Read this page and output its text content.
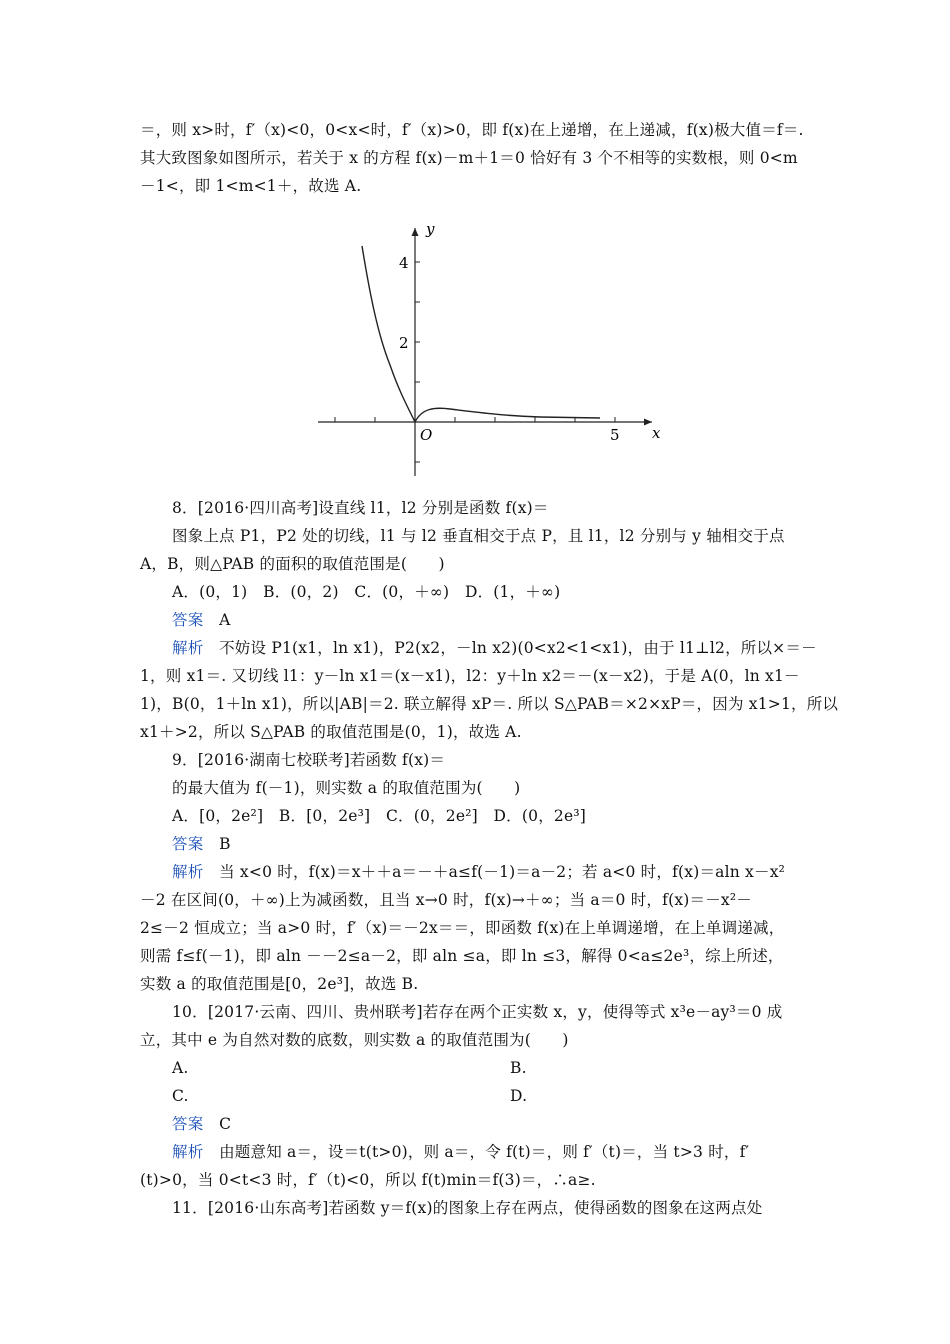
＝，则 x>时，f′（x)<0，0<x<时，f′（x)>0，即 f(x)在上递增，在上递减，f(x)极大值＝f＝.
其大致图象如图所示，若关于 x 的方程 f(x)－m＋1＝0 恰好有 3 个不相等的实数根，则 0<m
－1<，即 1<m<1＋，故选 A.
y
x
O
4
2
5
8．[2016·四川高考]设直线 l1，l2 分别是函数 f(x)＝
图象上点 P1，P2 处的切线，l1 与 l2 垂直相交于点 P，且 l1，l2 分别与 y 轴相交于点
A，B，则△PAB 的面积的取值范围是(　　)
A．(0，1)　B．(0，2)　C．(0，＋∞)　D．(1，＋∞)
答案　 A
解析　 不妨设 P1(x1，ln x1)，P2(x2，－ln x2)(0<x2<1<x1)，由于 l1⊥l2，所以×＝－
1，则 x1＝. 又切线 l1：y－ln x1＝(x－x1)，l2：y＋ln x2＝－(x－x2)，于是 A(0，ln x1－
1)，B(0，1＋ln x1)，所以|AB|＝2. 联立解得 xP＝. 所以 S△PAB＝×2×xP＝，因为 x1>1，所以
x1＋>2，所以 S△PAB 的取值范围是(0，1)，故选 A.
9．[2016·湖南七校联考]若函数 f(x)＝
的最大值为 f(－1)，则实数 a 的取值范围为(　　)
A．[0，2e²]　B．[0，2e³]　C．(0，2e²]　D．(0，2e³]
答案　 B
解析　 当 x<0 时，f(x)＝x＋＋a＝－＋a≤f(－1)＝a－2；若 a<0 时，f(x)＝aln x－x²
－2 在区间(0，＋∞)上为减函数，且当 x→0 时，f(x)→＋∞；当 a＝0 时，f(x)＝－x²－
2≤－2 恒成立；当 a>0 时，f′（x)＝－2x＝＝，即函数 f(x)在上单调递增，在上单调递减，
则需 f≤f(－1)，即 aln －－2≤a－2，即 aln ≤a，即 ln ≤3，解得 0<a≤2e³，综上所述，
实数 a 的取值范围是[0，2e³]，故选 B.
10．[2017·云南、四川、贵州联考]若存在两个正实数 x，y，使得等式 x³e－ay³＝0 成
立，其中 e 为自然对数的底数，则实数 a 的取值范围为(　　)
A.	B.
C.	D.
答案　 C
解析　 由题意知 a＝，设＝t(t>0)，则 a＝，令 f(t)＝，则 f′（t)＝，当 t>3 时，f′
(t)>0，当 0<t<3 时，f′（t)<0，所以 f(t)min＝f(3)＝，∴a≥.
11．[2016·山东高考]若函数 y＝f(x)的图象上存在两点，使得函数的图象在这两点处
